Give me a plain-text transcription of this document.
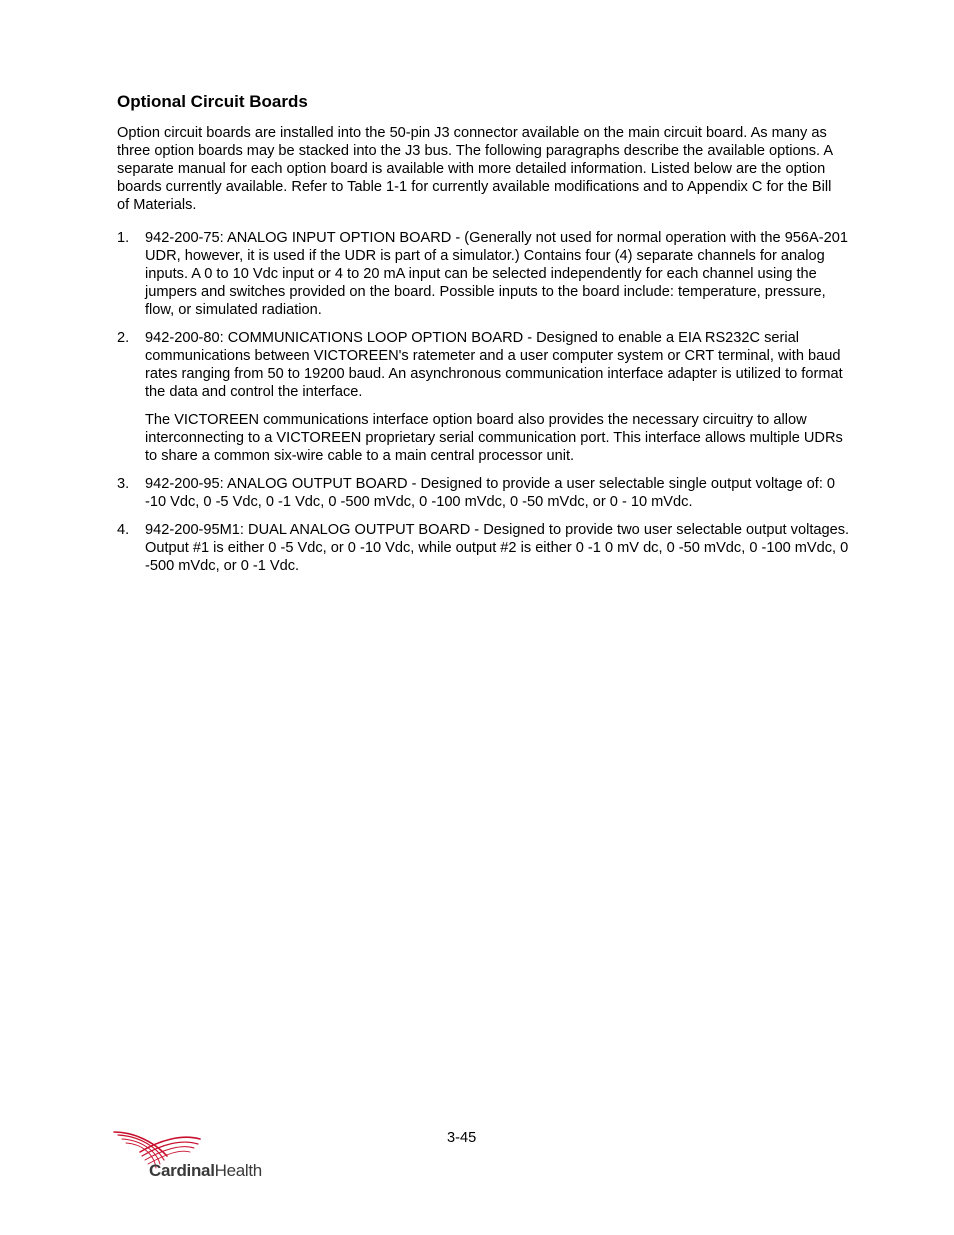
Optional Circuit Boards

Option circuit boards are installed into the 50-pin J3 connector available on the main circuit board. As many as three option boards may be stacked into the J3 bus. The following paragraphs describe the available options. A separate manual for each option board is available with more detailed information. Listed below are the option boards currently available. Refer to Table 1-1 for currently available modifications and to Appendix C for the Bill of Materials.

1. 942-200-75: ANALOG INPUT OPTION BOARD - (Generally not used for normal operation with the 956A-201 UDR, however, it is used if the UDR is part of a simulator.) Contains four (4) separate channels for analog inputs. A 0 to 10 Vdc input or 4 to 20 mA input can be selected independently for each channel using the jumpers and switches provided on the board. Possible inputs to the board include: temperature, pressure, flow, or simulated radiation.
2. 942-200-80: COMMUNICATIONS LOOP OPTION BOARD - Designed to enable a EIA RS232C serial communications between VICTOREEN's ratemeter and a user computer system or CRT terminal, with baud rates ranging from 50 to 19200 baud. An asynchronous communication interface adapter is utilized to format the data and control the interface.
The VICTOREEN communications interface option board also provides the necessary circuitry to allow interconnecting to a VICTOREEN proprietary serial communication port. This interface allows multiple UDRs to share a common six-wire cable to a main central processor unit.
3. 942-200-95: ANALOG OUTPUT BOARD - Designed to provide a user selectable single output voltage of: 0 -10 Vdc, 0 -5 Vdc, 0 -1 Vdc, 0 -500 mVdc, 0 -100 mVdc, 0 -50 mVdc, or 0 - 10 mVdc.
4. 942-200-95M1: DUAL ANALOG OUTPUT BOARD - Designed to provide two user selectable output voltages. Output #1 is either 0 -5 Vdc, or 0 -10 Vdc, while output #2 is either 0 -1 0 mV dc, 0 -50 mVdc, 0 -100 mVdc, 0 -500 mVdc, or 0 -1 Vdc.
3-45
CardinalHealth
